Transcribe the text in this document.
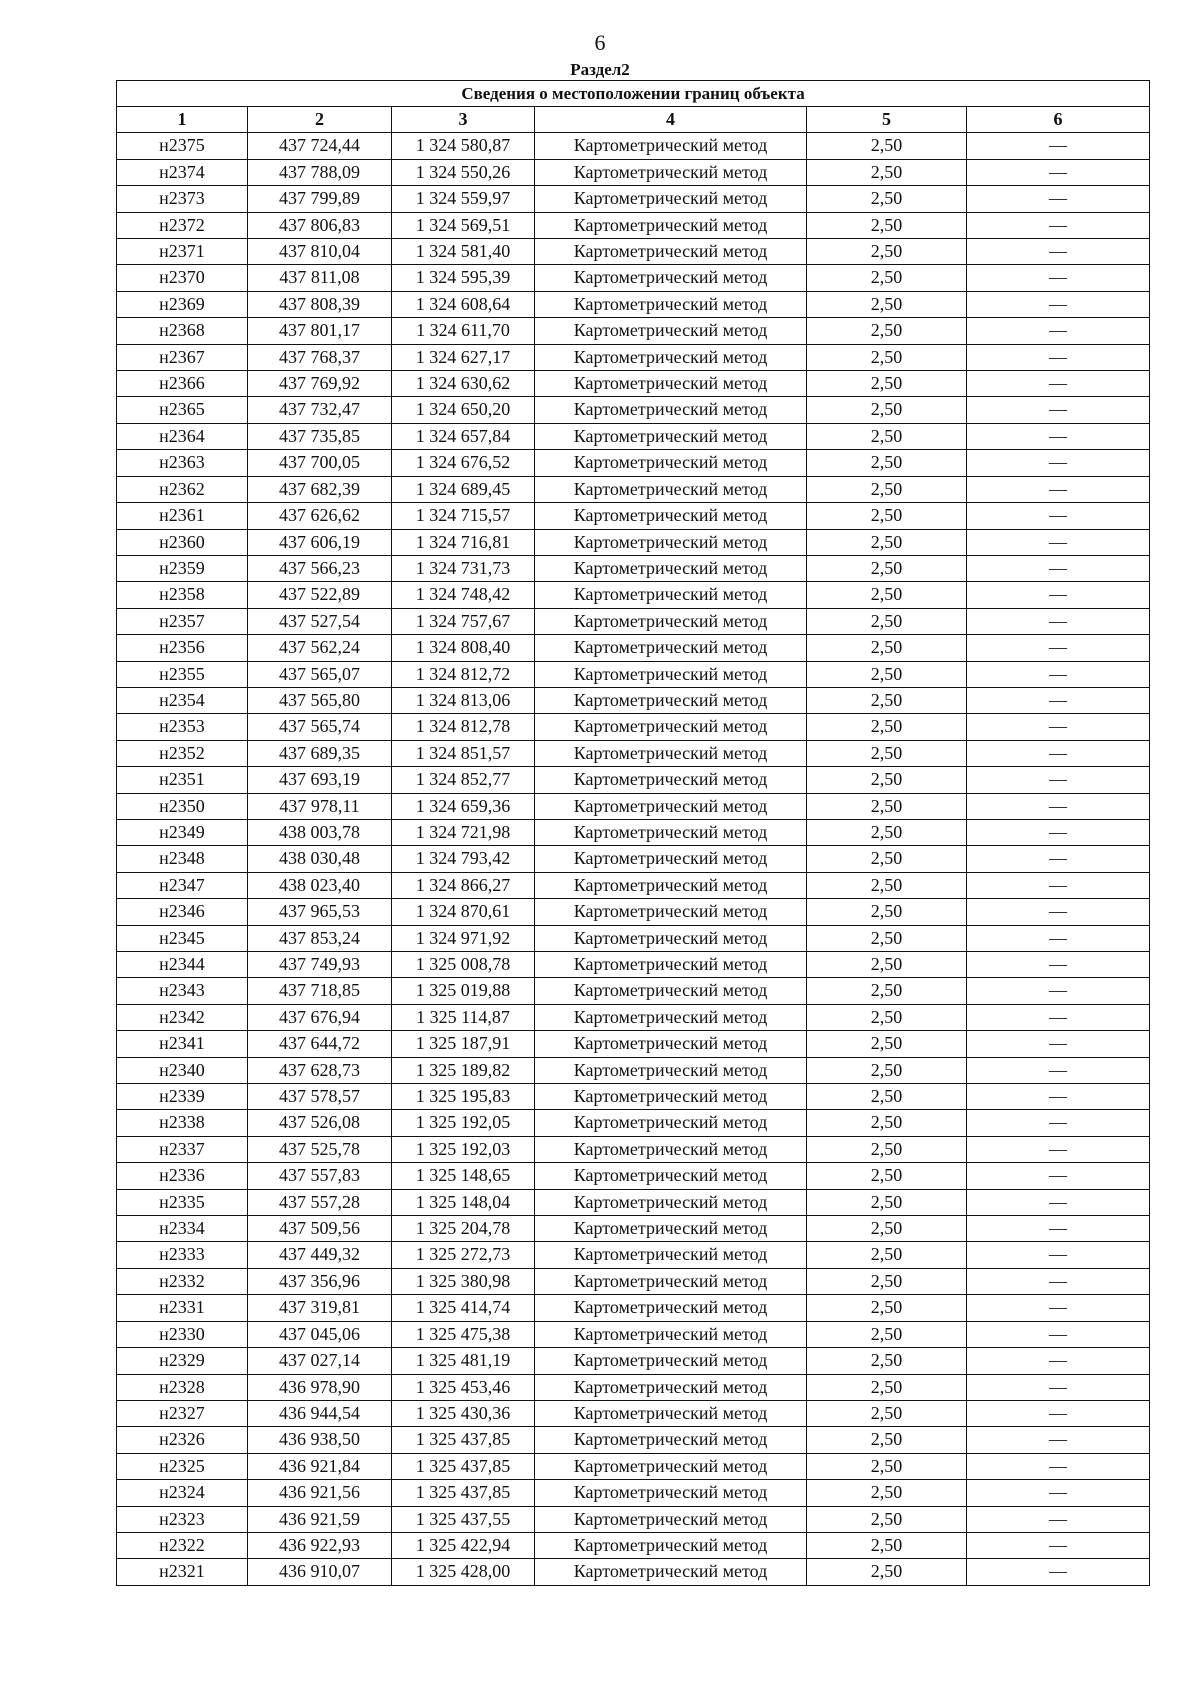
6
Раздел2
Сведения о местоположении границ объекта					
1	2	3	4	5	6
н2375	437 724,44	1 324 580,87	Картометрический метод	2,50	—
н2374	437 788,09	1 324 550,26	Картометрический метод	2,50	—
н2373	437 799,89	1 324 559,97	Картометрический метод	2,50	—
н2372	437 806,83	1 324 569,51	Картометрический метод	2,50	—
н2371	437 810,04	1 324 581,40	Картометрический метод	2,50	—
н2370	437 811,08	1 324 595,39	Картометрический метод	2,50	—
н2369	437 808,39	1 324 608,64	Картометрический метод	2,50	—
н2368	437 801,17	1 324 611,70	Картометрический метод	2,50	—
н2367	437 768,37	1 324 627,17	Картометрический метод	2,50	—
н2366	437 769,92	1 324 630,62	Картометрический метод	2,50	—
н2365	437 732,47	1 324 650,20	Картометрический метод	2,50	—
н2364	437 735,85	1 324 657,84	Картометрический метод	2,50	—
н2363	437 700,05	1 324 676,52	Картометрический метод	2,50	—
н2362	437 682,39	1 324 689,45	Картометрический метод	2,50	—
н2361	437 626,62	1 324 715,57	Картометрический метод	2,50	—
н2360	437 606,19	1 324 716,81	Картометрический метод	2,50	—
н2359	437 566,23	1 324 731,73	Картометрический метод	2,50	—
н2358	437 522,89	1 324 748,42	Картометрический метод	2,50	—
н2357	437 527,54	1 324 757,67	Картометрический метод	2,50	—
н2356	437 562,24	1 324 808,40	Картометрический метод	2,50	—
н2355	437 565,07	1 324 812,72	Картометрический метод	2,50	—
н2354	437 565,80	1 324 813,06	Картометрический метод	2,50	—
н2353	437 565,74	1 324 812,78	Картометрический метод	2,50	—
н2352	437 689,35	1 324 851,57	Картометрический метод	2,50	—
н2351	437 693,19	1 324 852,77	Картометрический метод	2,50	—
н2350	437 978,11	1 324 659,36	Картометрический метод	2,50	—
н2349	438 003,78	1 324 721,98	Картометрический метод	2,50	—
н2348	438 030,48	1 324 793,42	Картометрический метод	2,50	—
н2347	438 023,40	1 324 866,27	Картометрический метод	2,50	—
н2346	437 965,53	1 324 870,61	Картометрический метод	2,50	—
н2345	437 853,24	1 324 971,92	Картометрический метод	2,50	—
н2344	437 749,93	1 325 008,78	Картометрический метод	2,50	—
н2343	437 718,85	1 325 019,88	Картометрический метод	2,50	—
н2342	437 676,94	1 325 114,87	Картометрический метод	2,50	—
н2341	437 644,72	1 325 187,91	Картометрический метод	2,50	—
н2340	437 628,73	1 325 189,82	Картометрический метод	2,50	—
н2339	437 578,57	1 325 195,83	Картометрический метод	2,50	—
н2338	437 526,08	1 325 192,05	Картометрический метод	2,50	—
н2337	437 525,78	1 325 192,03	Картометрический метод	2,50	—
н2336	437 557,83	1 325 148,65	Картометрический метод	2,50	—
н2335	437 557,28	1 325 148,04	Картометрический метод	2,50	—
н2334	437 509,56	1 325 204,78	Картометрический метод	2,50	—
н2333	437 449,32	1 325 272,73	Картометрический метод	2,50	—
н2332	437 356,96	1 325 380,98	Картометрический метод	2,50	—
н2331	437 319,81	1 325 414,74	Картометрический метод	2,50	—
н2330	437 045,06	1 325 475,38	Картометрический метод	2,50	—
н2329	437 027,14	1 325 481,19	Картометрический метод	2,50	—
н2328	436 978,90	1 325 453,46	Картометрический метод	2,50	—
н2327	436 944,54	1 325 430,36	Картометрический метод	2,50	—
н2326	436 938,50	1 325 437,85	Картометрический метод	2,50	—
н2325	436 921,84	1 325 437,85	Картометрический метод	2,50	—
н2324	436 921,56	1 325 437,85	Картометрический метод	2,50	—
н2323	436 921,59	1 325 437,55	Картометрический метод	2,50	—
н2322	436 922,93	1 325 422,94	Картометрический метод	2,50	—
н2321	436 910,07	1 325 428,00	Картометрический метод	2,50	—
